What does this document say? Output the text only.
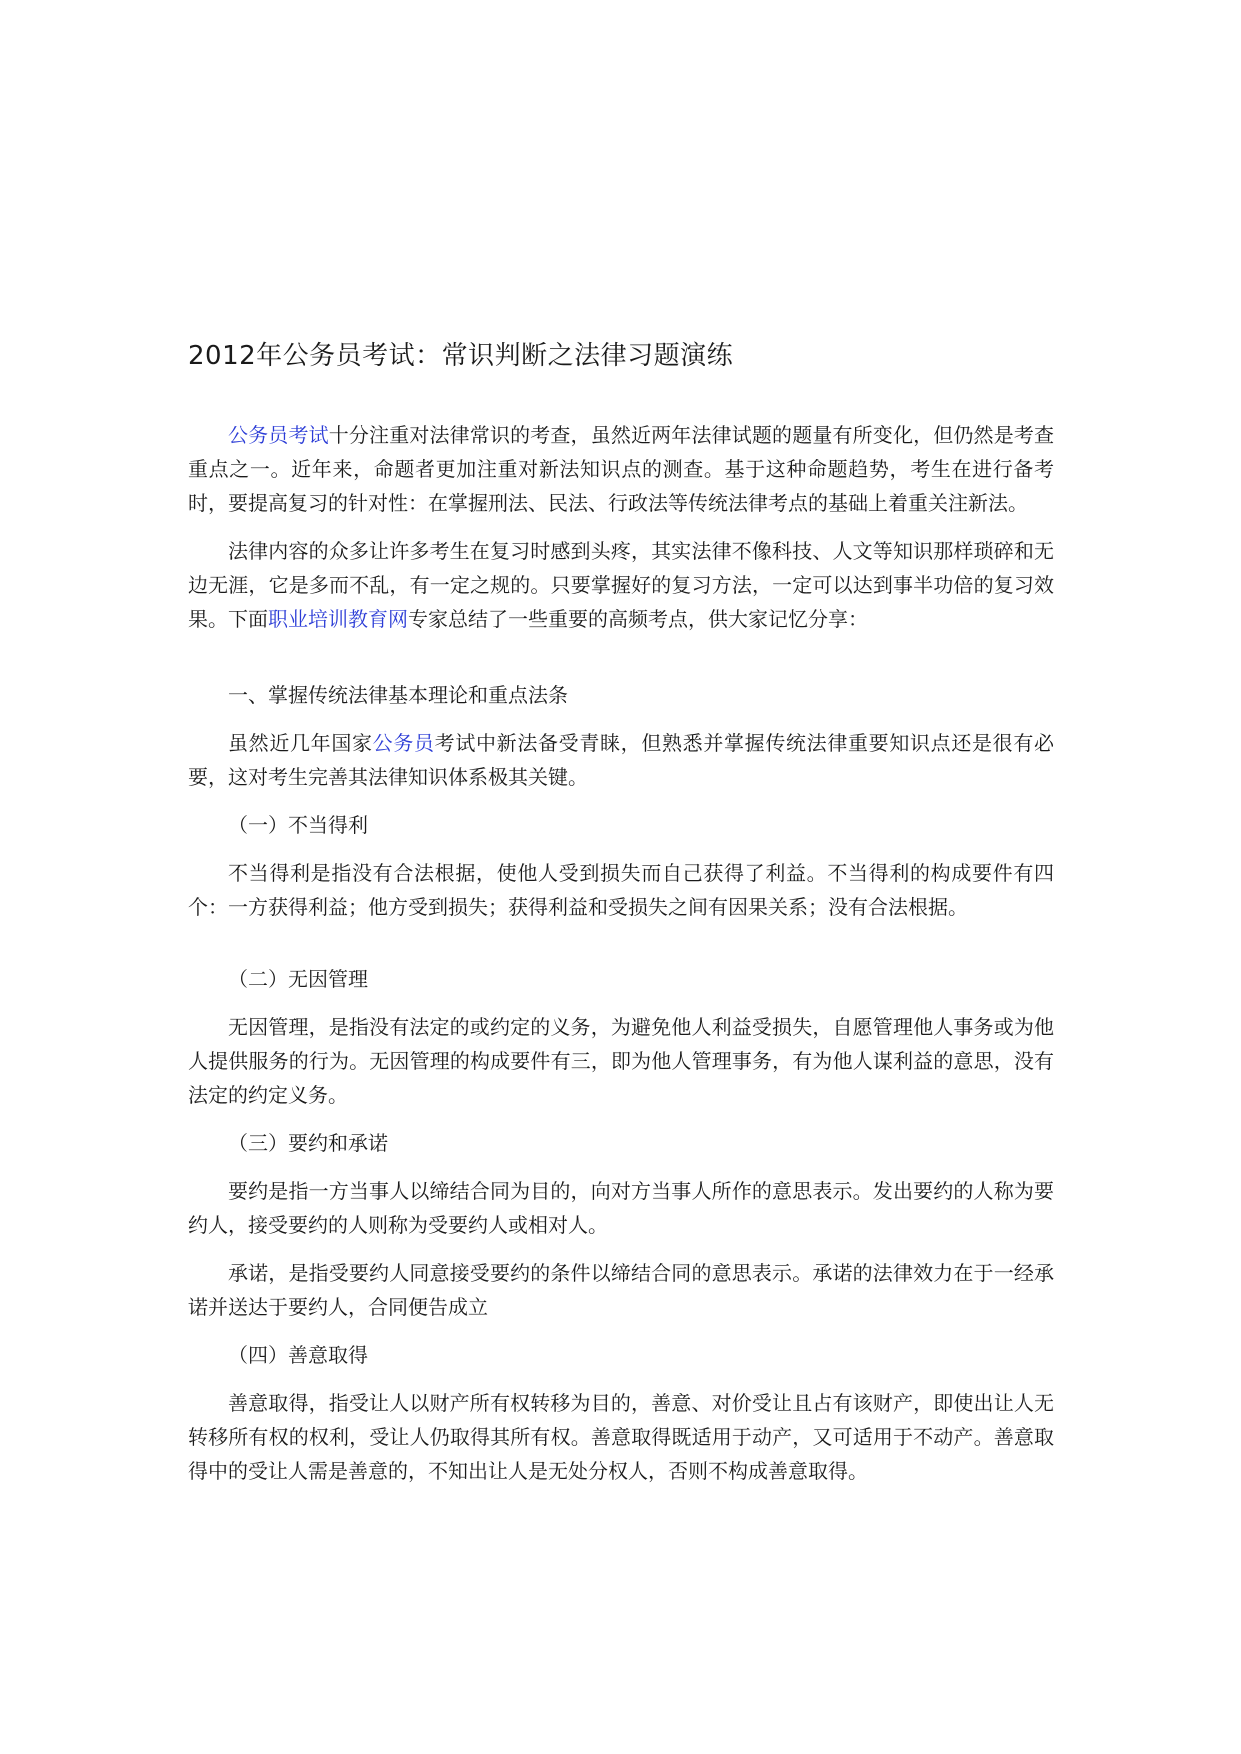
2012年公务员考试：常识判断之法律习题演练

公务员考试十分注重对法律常识的考查，虽然近两年法律试题的题量有所变化，但仍然是考查重点之一。近年来，命题者更加注重对新法知识点的测查。基于这种命题趋势，考生在进行备考时，要提高复习的针对性：在掌握刑法、民法、行政法等传统法律考点的基础上着重关注新法。

法律内容的众多让许多考生在复习时感到头疼，其实法律不像科技、人文等知识那样琐碎和无边无涯，它是多而不乱，有一定之规的。只要掌握好的复习方法，一定可以达到事半功倍的复习效果。下面职业培训教育网专家总结了一些重要的高频考点，供大家记忆分享：

一、掌握传统法律基本理论和重点法条

虽然近几年国家公务员考试中新法备受青睐，但熟悉并掌握传统法律重要知识点还是很有必要，这对考生完善其法律知识体系极其关键。

（一）不当得利

不当得利是指没有合法根据，使他人受到损失而自己获得了利益。不当得利的构成要件有四个：一方获得利益；他方受到损失；获得利益和受损失之间有因果关系；没有合法根据。

（二）无因管理

无因管理，是指没有法定的或约定的义务，为避免他人利益受损失，自愿管理他人事务或为他人提供服务的行为。无因管理的构成要件有三，即为他人管理事务，有为他人谋利益的意思，没有法定的约定义务。

（三）要约和承诺

要约是指一方当事人以缔结合同为目的，向对方当事人所作的意思表示。发出要约的人称为要约人，接受要约的人则称为受要约人或相对人。

承诺，是指受要约人同意接受要约的条件以缔结合同的意思表示。承诺的法律效力在于一经承诺并送达于要约人，合同便告成立

（四）善意取得

善意取得，指受让人以财产所有权转移为目的，善意、对价受让且占有该财产，即使出让人无转移所有权的权利，受让人仍取得其所有权。善意取得既适用于动产，又可适用于不动产。善意取得中的受让人需是善意的，不知出让人是无处分权人，否则不构成善意取得。
